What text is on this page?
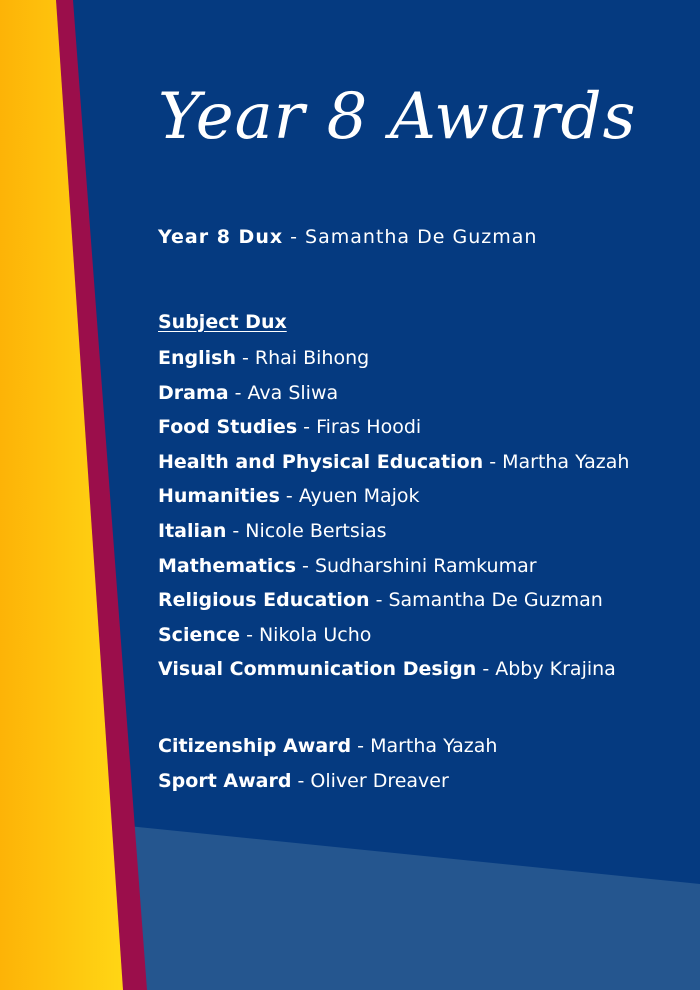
Year 8 Awards
Year 8 Dux - Samantha De Guzman
Subject Dux
English - Rhai Bihong
Drama - Ava Sliwa
Food Studies - Firas Hoodi
Health and Physical Education - Martha Yazah
Humanities - Ayuen Majok
Italian - Nicole Bertsias
Mathematics - Sudharshini Ramkumar
Religious Education - Samantha De Guzman
Science - Nikola Ucho
Visual Communication Design - Abby Krajina
Citizenship Award - Martha Yazah
Sport Award - Oliver Dreaver
